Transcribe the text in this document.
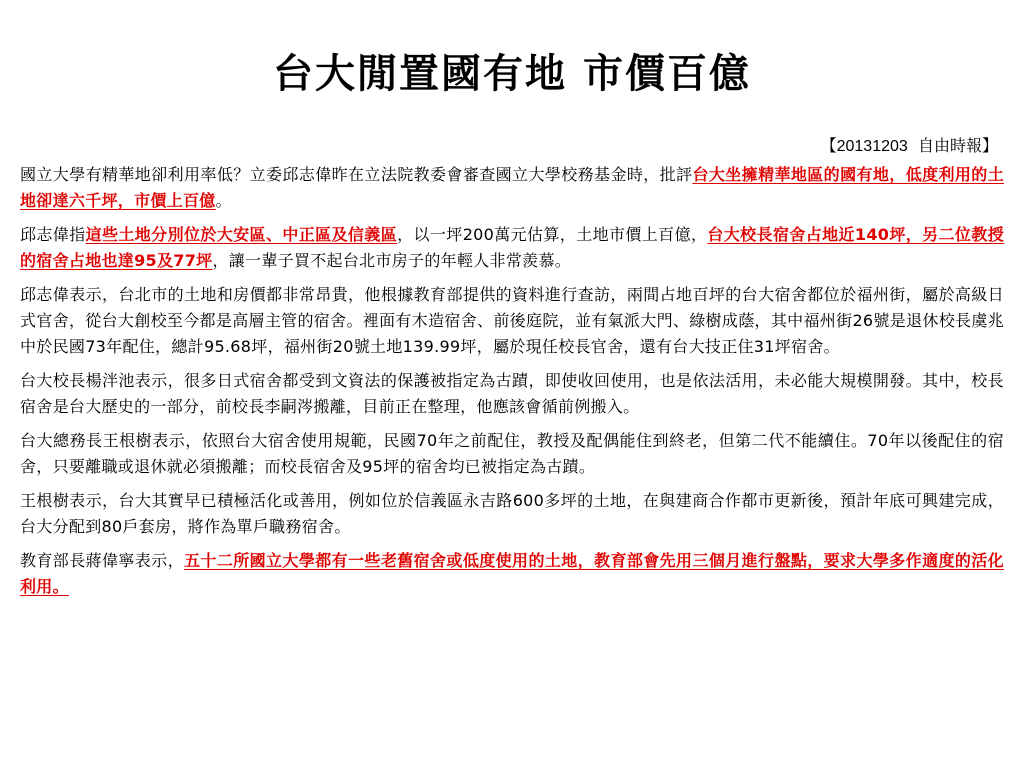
台大閒置國有地 市價百億

【20131203 自由時報】

國立大學有精華地卻利用率低？立委邱志偉昨在立法院教委會審查國立大學校務基金時，批評台大坐擁精華地區的國有地，低度利用的土地卻達六千坪，市價上百億。

邱志偉指這些土地分別位於大安區、中正區及信義區，以一坪200萬元估算，土地市價上百億，台大校長宿舍占地近140坪，另二位教授的宿舍占地也達95及77坪，讓一輩子買不起台北市房子的年輕人非常羨慕。

邱志偉表示，台北市的土地和房價都非常昂貴，他根據教育部提供的資料進行查訪，兩間占地百坪的台大宿舍都位於福州街，屬於高級日式官舍，從台大創校至今都是高層主管的宿舍。裡面有木造宿舍、前後庭院，並有氣派大門、綠樹成蔭，其中福州街26號是退休校長虞兆中於民國73年配住，總計95.68坪，福州街20號土地139.99坪，屬於現任校長官舍，還有台大技正住31坪宿舍。

台大校長楊泮池表示，很多日式宿舍都受到文資法的保護被指定為古蹟，即使收回使用，也是依法活用，未必能大規模開發。其中，校長宿舍是台大歷史的一部分，前校長李嗣涔搬離，目前正在整理，他應該會循前例搬入。

台大總務長王根樹表示，依照台大宿舍使用規範，民國70年之前配住，教授及配偶能住到終老，但第二代不能續住。70年以後配住的宿舍，只要離職或退休就必須搬離；而校長宿舍及95坪的宿舍均已被指定為古蹟。

王根樹表示，台大其實早已積極活化或善用，例如位於信義區永吉路600多坪的土地，在與建商合作都市更新後，預計年底可興建完成，台大分配到80戶套房，將作為單戶職務宿舍。

教育部長蔣偉寧表示，五十二所國立大學都有一些老舊宿舍或低度使用的土地，教育部會先用三個月進行盤點，要求大學多作適度的活化利用。
